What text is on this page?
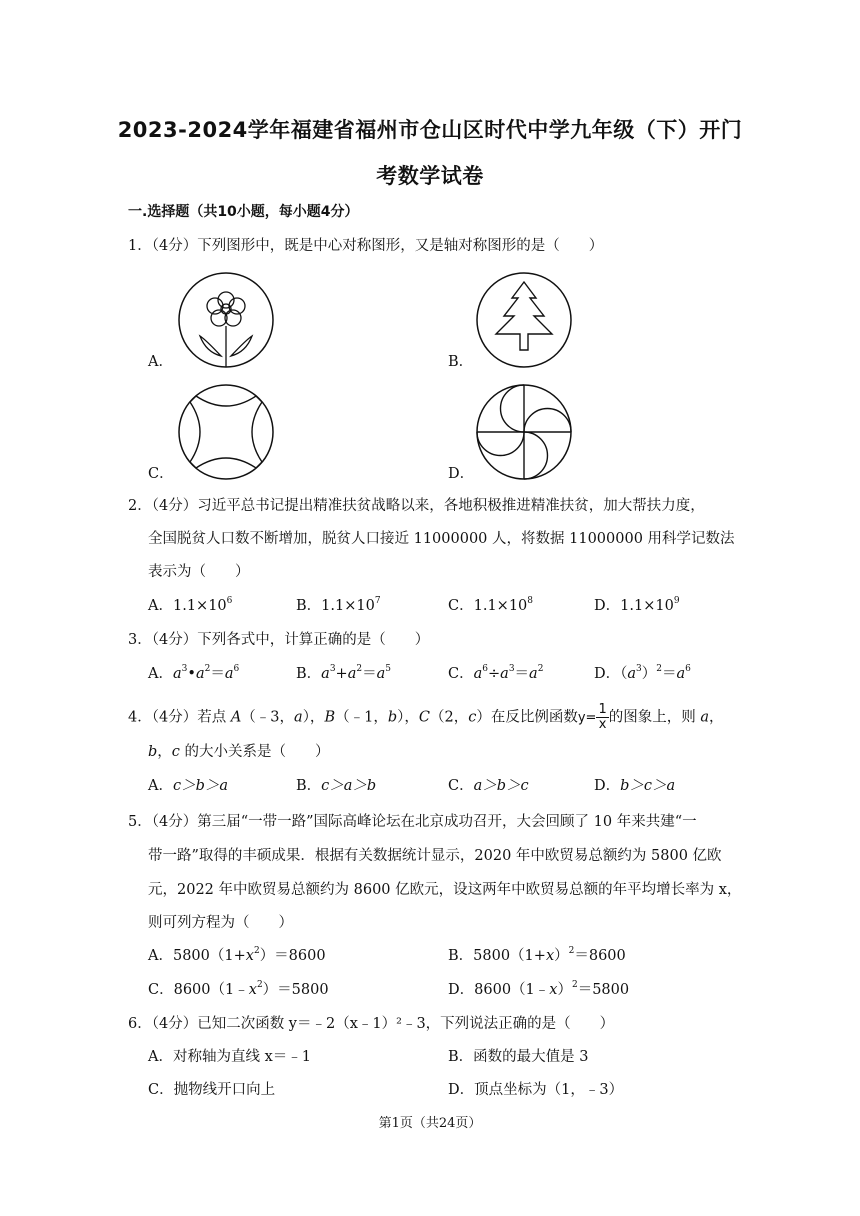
2023-2024学年福建省福州市仓山区时代中学九年级（下）开门
考数学试卷
一.选择题（共10小题，每小题4分）
1．（4分）下列图形中，既是中心对称图形，又是轴对称图形的是（　　）
A．	B．
C．	D．
2．（4分）习近平总书记提出精准扶贫战略以来，各地积极推进精准扶贫，加大帮扶力度，
全国脱贫人口数不断增加，脱贫人口接近 11000000 人，将数据 11000000 用科学记数法
表示为（　　）
A．$1.1\times 10^6$	B．$1.1\times 10^7$	C．$1.1\times 10^8$	D．$1.1\times 10^9$
3．（4分）下列各式中，计算正确的是（　　）
A．$a^3•a^2=a^6$	B．$a^3+a^2=a^5$	C．$a^6\div a^3=a^2$	D．$(a^3)^2=a^6$
4．（4分）若点 A（﹣3，a），B（﹣1，b），C（2，c）在反比例函数$y= \frac{1}{x}$ 的图象上，则 a，
b，c 的大小关系是（　　）
A．c＞b＞a	B．c＞a＞b	C．a＞b＞c	D．b＞c＞a
5．（4分）第三届“一带一路”国际高峰论坛在北京成功召开，大会回顾了 10 年来共建“一
带一路”取得的丰硕成果．根据有关数据统计显示，2020 年中欧贸易总额约为 5800 亿欧
元，2022 年中欧贸易总额约为 8600 亿欧元，设这两年中欧贸易总额的年平均增长率为 x，
则可列方程为（　　）
A．$5800(1+x^2)=8600$	B．$5800(1+x)^2=8600$
C．$8600(1﹣x^2)=5800$	D．8600（1﹣x）$^2$＝5800
6．（4分）已知二次函数 y＝﹣2（x﹣1）²﹣3，下列说法正确的是（　　）
A．对称轴为直线 x＝﹣1	B．函数的最大值是 3
C．抛物线开口向上	D．顶点坐标为（1，﹣3）
第1页（共24页）
